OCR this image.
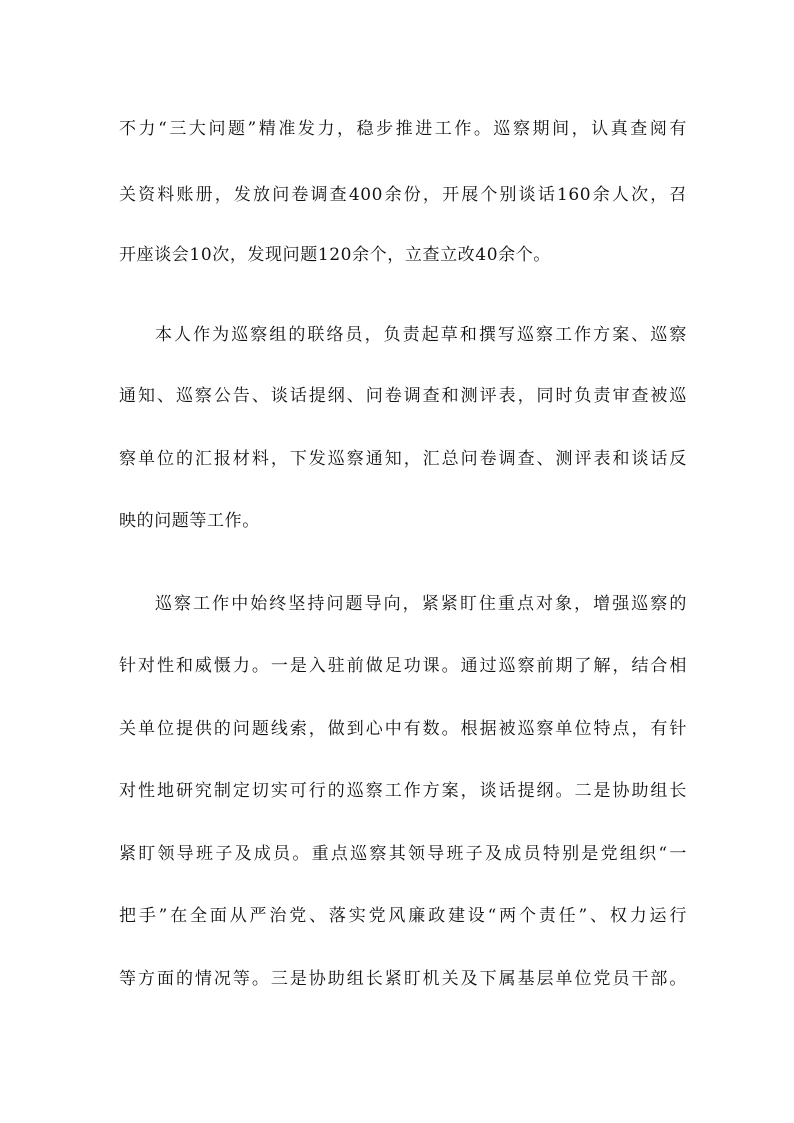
不力“三大问题”精准发力，稳步推进工作。巡察期间，认真查阅有
关资料账册，发放问卷调查400余份，开展个别谈话160余人次，召
开座谈会10次，发现问题120余个，立查立改40余个。
本人作为巡察组的联络员，负责起草和撰写巡察工作方案、巡察
通知、巡察公告、谈话提纲、问卷调查和测评表，同时负责审查被巡
察单位的汇报材料，下发巡察通知，汇总问卷调查、测评表和谈话反
映的问题等工作。
巡察工作中始终坚持问题导向，紧紧盯住重点对象，增强巡察的
针对性和威慑力。一是入驻前做足功课。通过巡察前期了解，结合相
关单位提供的问题线索，做到心中有数。根据被巡察单位特点，有针
对性地研究制定切实可行的巡察工作方案，谈话提纲。二是协助组长
紧盯领导班子及成员。重点巡察其领导班子及成员特别是党组织“一
把手”在全面从严治党、落实党风廉政建设“两个责任”、权力运行
等方面的情况等。三是协助组长紧盯机关及下属基层单位党员干部。
